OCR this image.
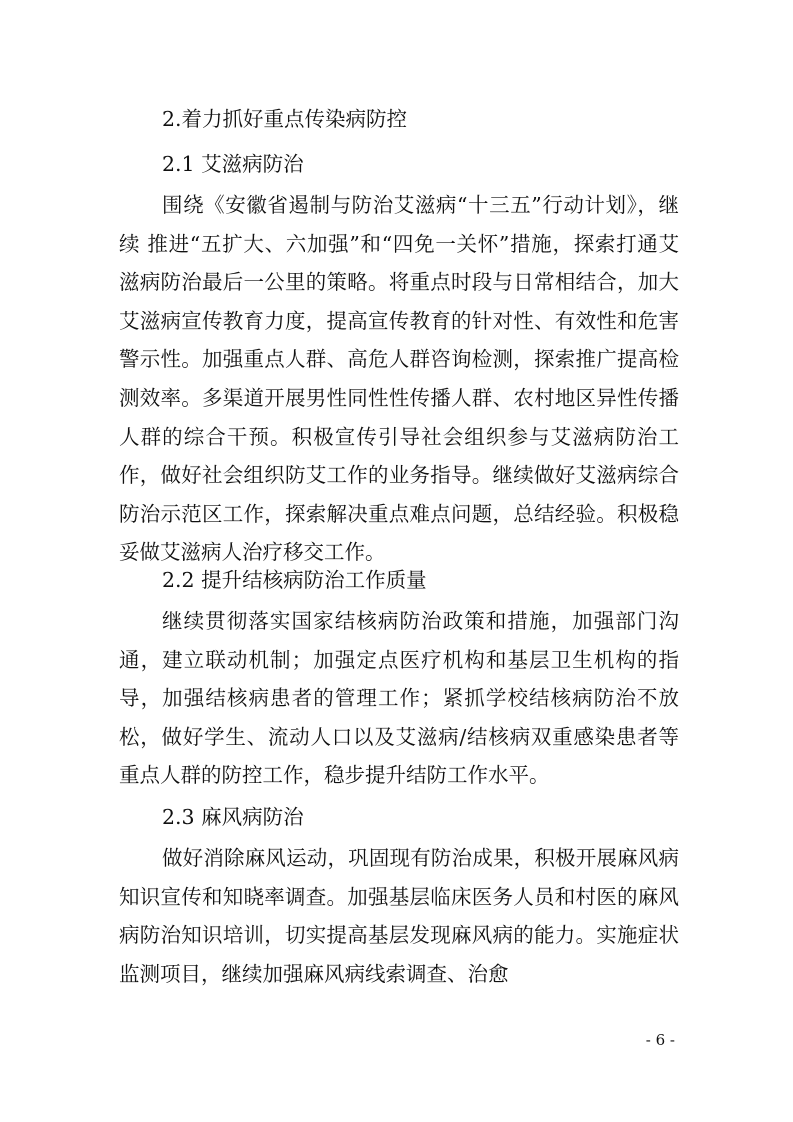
2.着力抓好重点传染病防控

2.1 艾滋病防治

围绕《安徽省遏制与防治艾滋病“十三五”行动计划》，继续 推进“五扩大、六加强”和“四免一关怀”措施，探索打通艾滋病防治最后一公里的策略。将重点时段与日常相结合，加大艾滋病宣传教育力度，提高宣传教育的针对性、有效性和危害警示性。加强重点人群、高危人群咨询检测，探索推广提高检测效率。多渠道开展男性同性性传播人群、农村地区异性传播人群的综合干预。积极宣传引导社会组织参与艾滋病防治工作，做好社会组织防艾工作的业务指导。继续做好艾滋病综合防治示范区工作，探索解决重点难点问题，总结经验。积极稳妥做艾滋病人治疗移交工作。

2.2 提升结核病防治工作质量

继续贯彻落实国家结核病防治政策和措施，加强部门沟通，建立联动机制；加强定点医疗机构和基层卫生机构的指导，加强结核病患者的管理工作；紧抓学校结核病防治不放松，做好学生、流动人口以及艾滋病/结核病双重感染患者等重点人群的防控工作，稳步提升结防工作水平。

2.3 麻风病防治

做好消除麻风运动，巩固现有防治成果，积极开展麻风病知识宣传和知晓率调查。加强基层临床医务人员和村医的麻风病防治知识培训，切实提高基层发现麻风病的能力。实施症状监测项目，继续加强麻风病线索调查、治愈

- 6 -
